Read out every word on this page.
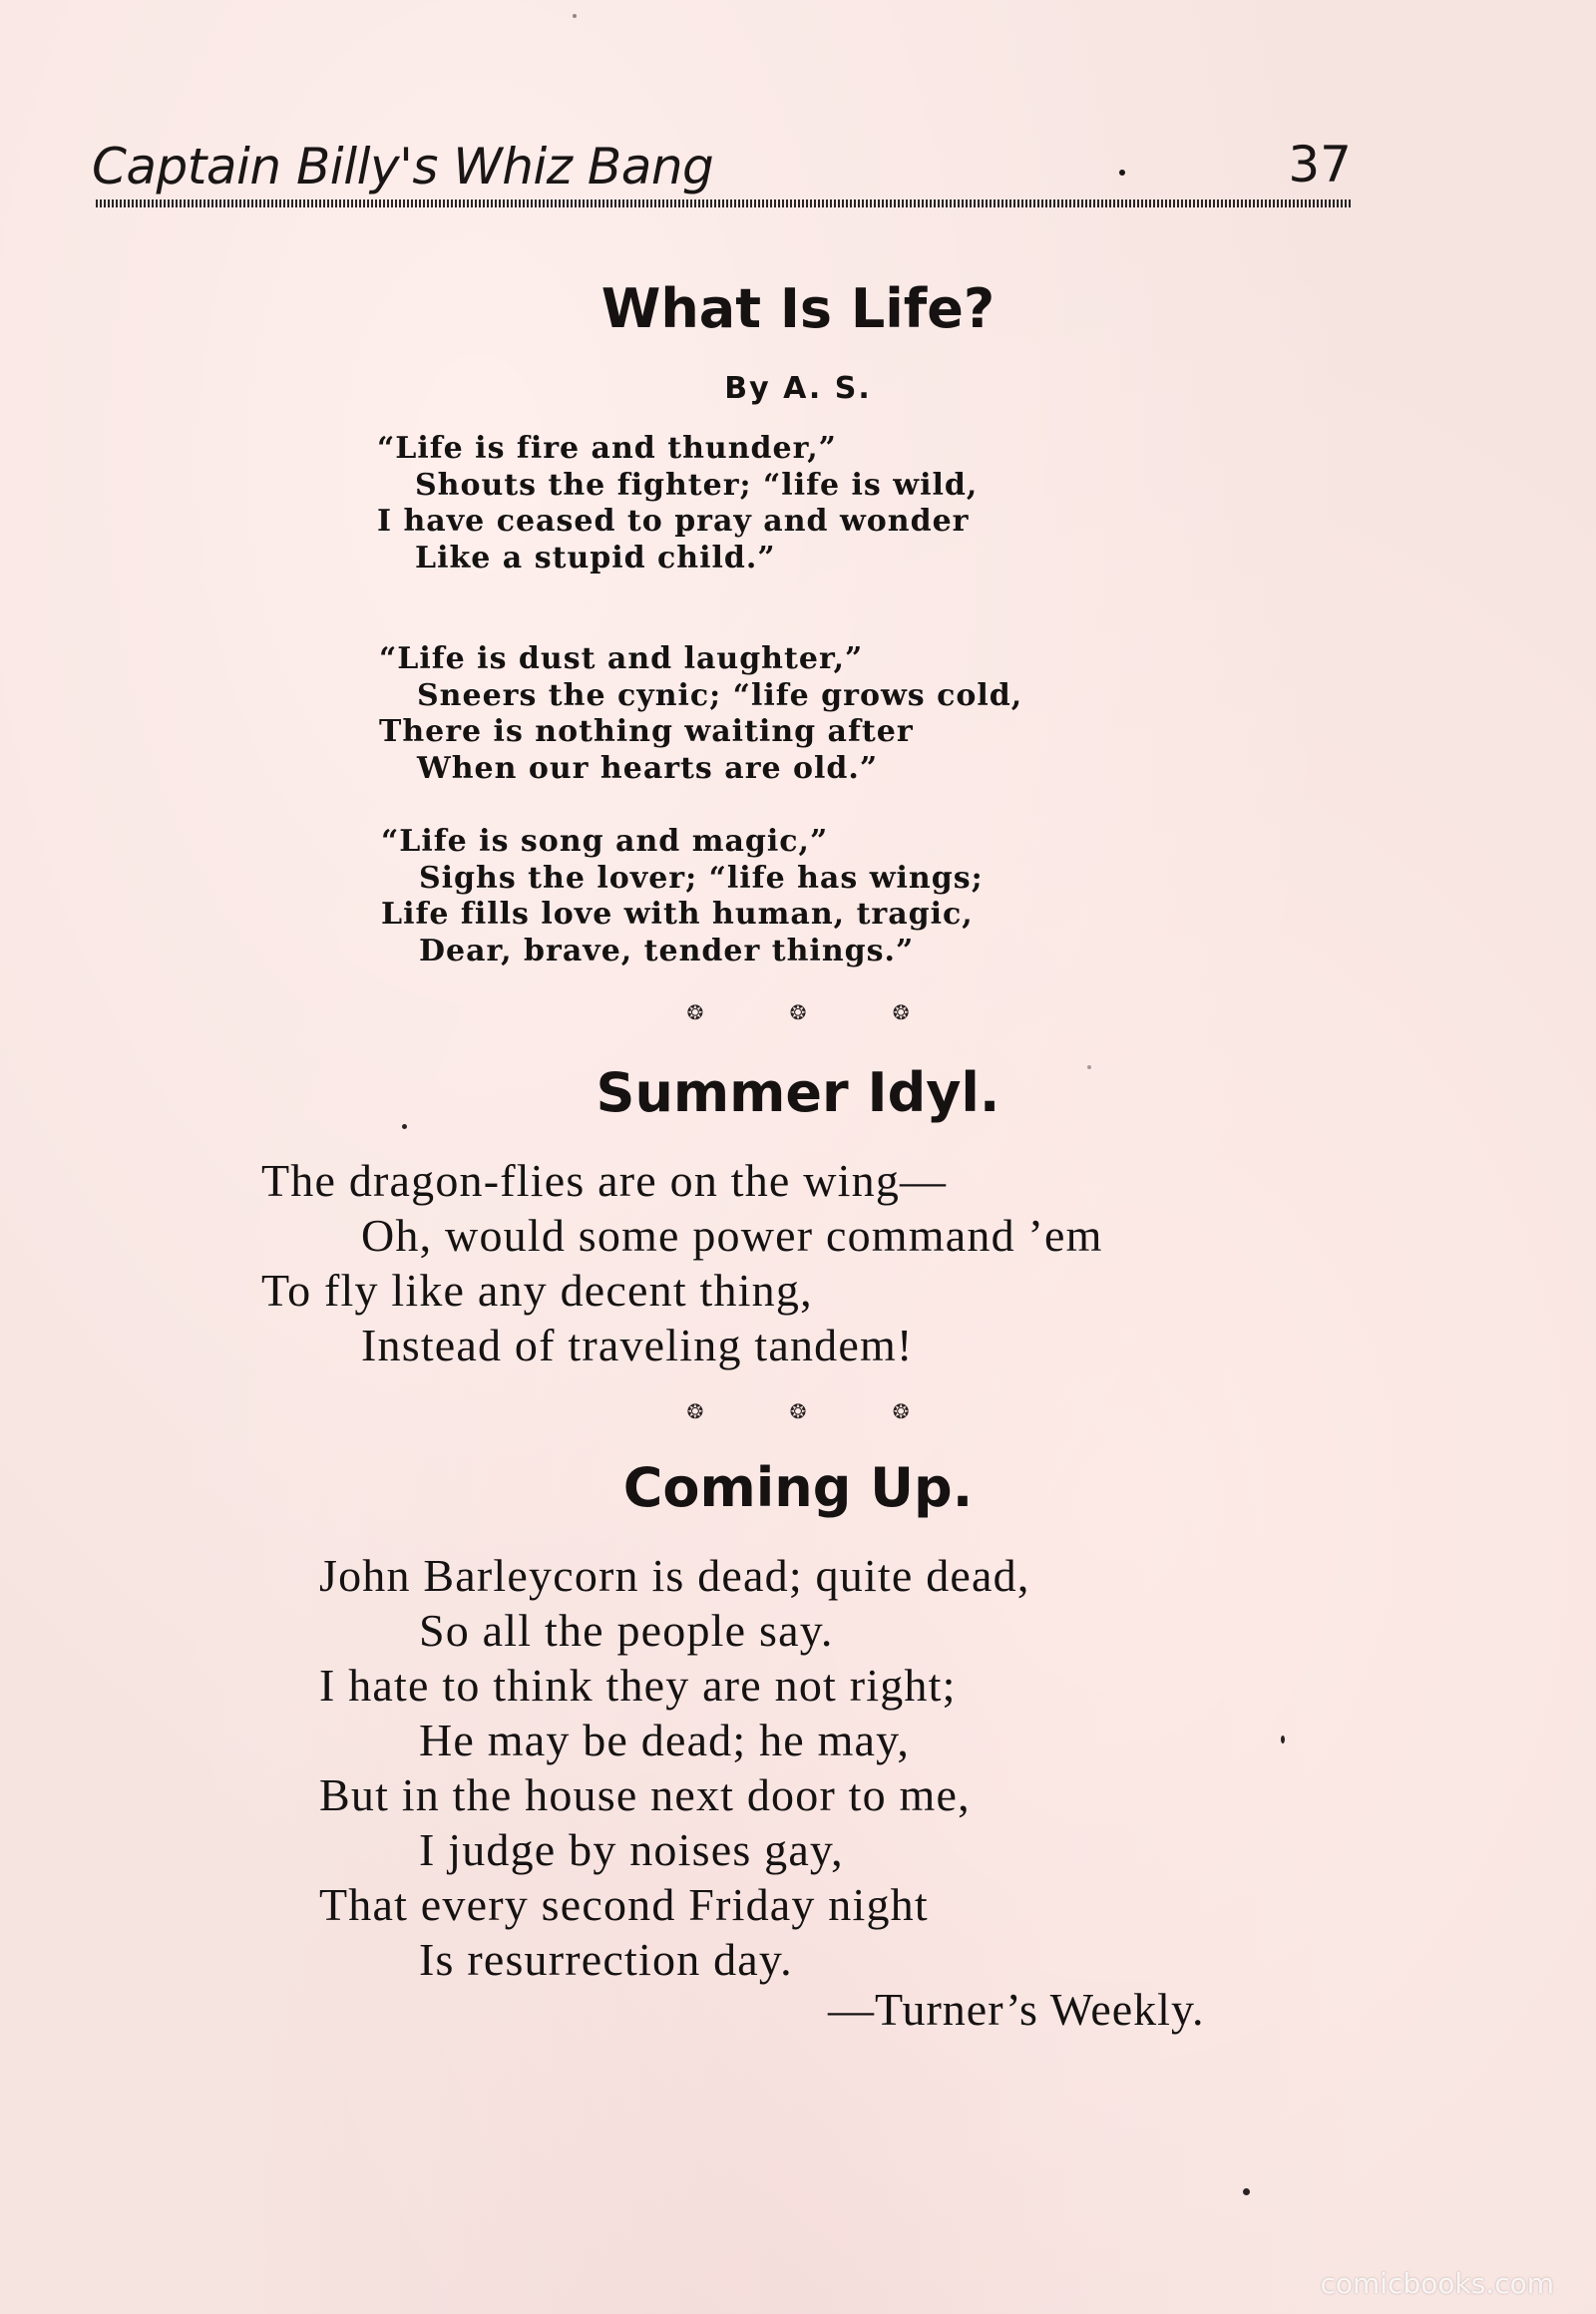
Captain Billy's Whiz Bang	37
What Is Life?
By A. S.
“Life is fire and thunder,”
Shouts the fighter; “life is wild,
I have ceased to pray and wonder
Like a stupid child.”
“Life is dust and laughter,”
Sneers the cynic; “life grows cold,
There is nothing waiting after
When our hearts are old.”
“Life is song and magic,”
Sighs the lover; “life has wings;
Life fills love with human, tragic,
Dear, brave, tender things.”
❂ ❂ ❂
Summer Idyl.
The dragon-flies are on the wing—
Oh, would some power command ’em
To fly like any decent thing,
Instead of traveling tandem!
❂ ❂ ❂
Coming Up.
John Barleycorn is dead; quite dead,
So all the people say.
I hate to think they are not right;
He may be dead; he may,
But in the house next door to me,
I judge by noises gay,
That every second Friday night
Is resurrection day.
—Turner’s Weekly.
comicbooks.com
